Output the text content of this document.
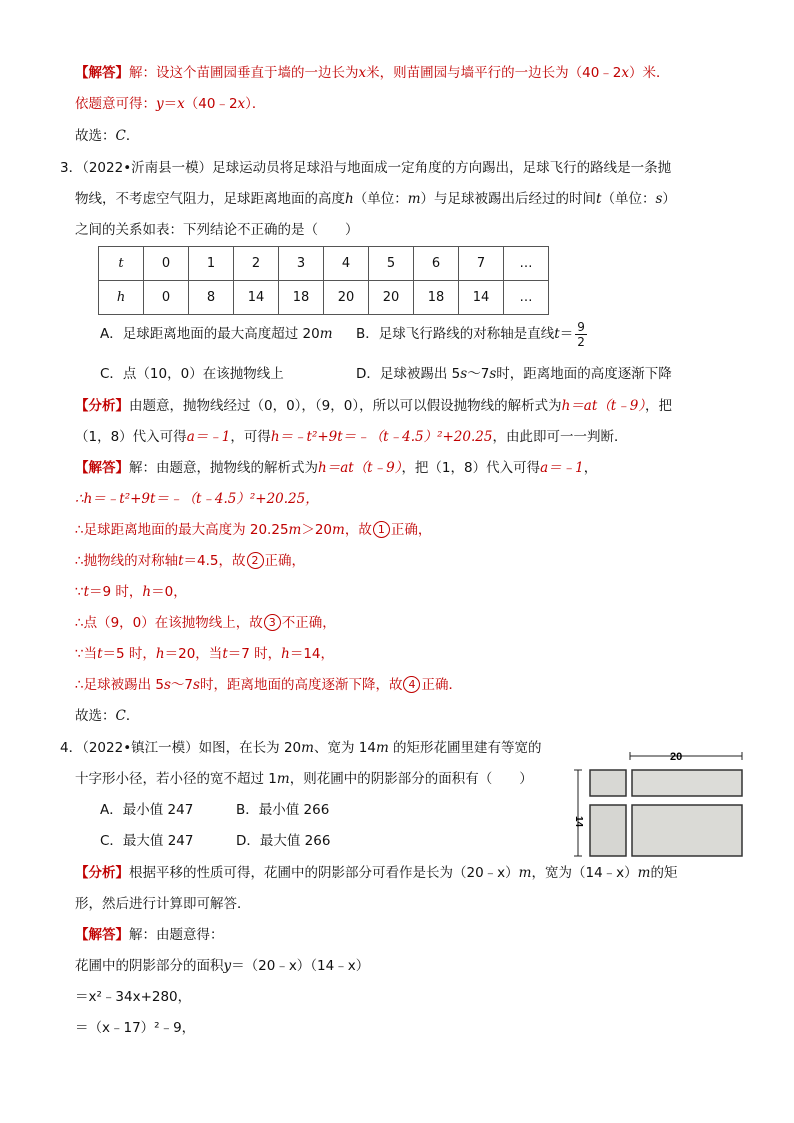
【解答】解：设这个苗圃园垂直于墙的一边长为x米，则苗圃园与墙平行的一边长为（40﹣2x）米．
依题意可得：y＝x（40﹣2x）．
故选：C．
3．（2022•沂南县一模）足球运动员将足球沿与地面成一定角度的方向踢出，足球飞行的路线是一条抛
物线，不考虑空气阻力，足球距离地面的高度h（单位：m）与足球被踢出后经过的时间t（单位：s）
之间的关系如表：下列结论不正确的是（　　）
t	0	1	2	3	4	5	6	7	…
h	0	8	14	18	20	20	18	14	…
A．足球距离地面的最大高度超过 20m B．足球飞行路线的对称轴是直线$t= \frac{9}{2}$
C．点（10，0）在该抛物线上	D．足球被踢出 5s～7s时，距离地面的高度逐渐下降
【分析】由题意，抛物线经过（0，0），（9，0），所以可以假设抛物线的解析式为h＝at（t﹣9），把
（1，8）代入可得a＝﹣1，可得h＝﹣t²+9t＝﹣（t﹣4.5）²+20.25，由此即可一一判断．
【解答】解：由题意，抛物线的解析式为h＝at（t﹣9），把（1，8）代入可得a＝﹣1，
∴h＝﹣t²+9t＝﹣（t﹣4.5）²+20.25，
∴足球距离地面的最大高度为 20.25m＞20m，故 1 正确，
∴抛物线的对称轴t＝4.5，故 2 正确，
∵t＝9 时，h＝0，
∴点（9，0）在该抛物线上，故 3 不正确，
∵当t＝5 时，h＝20，当t＝7 时，h＝14，
∴足球被踢出 5s～7s时，距离地面的高度逐渐下降，故 4 正确．
故选：C．
4．（2022•镇江一模）如图，在长为 20m、宽为 14m 的矩形花圃里建有等宽的
十字形小径，若小径的宽不超过 1m，则花圃中的阴影部分的面积有（　　）
A．最小值 247	B．最小值 266
C．最大值 247	D．最大值 266
20
14
【分析】根据平移的性质可得，花圃中的阴影部分可看作是长为（20﹣x）m，宽为（14﹣x）m的矩
形，然后进行计算即可解答．
【解答】解：由题意得：
花圃中的阴影部分的面积y＝（20﹣x）（14﹣x）
＝x²﹣34x+280，
＝（x﹣17）²﹣9，
